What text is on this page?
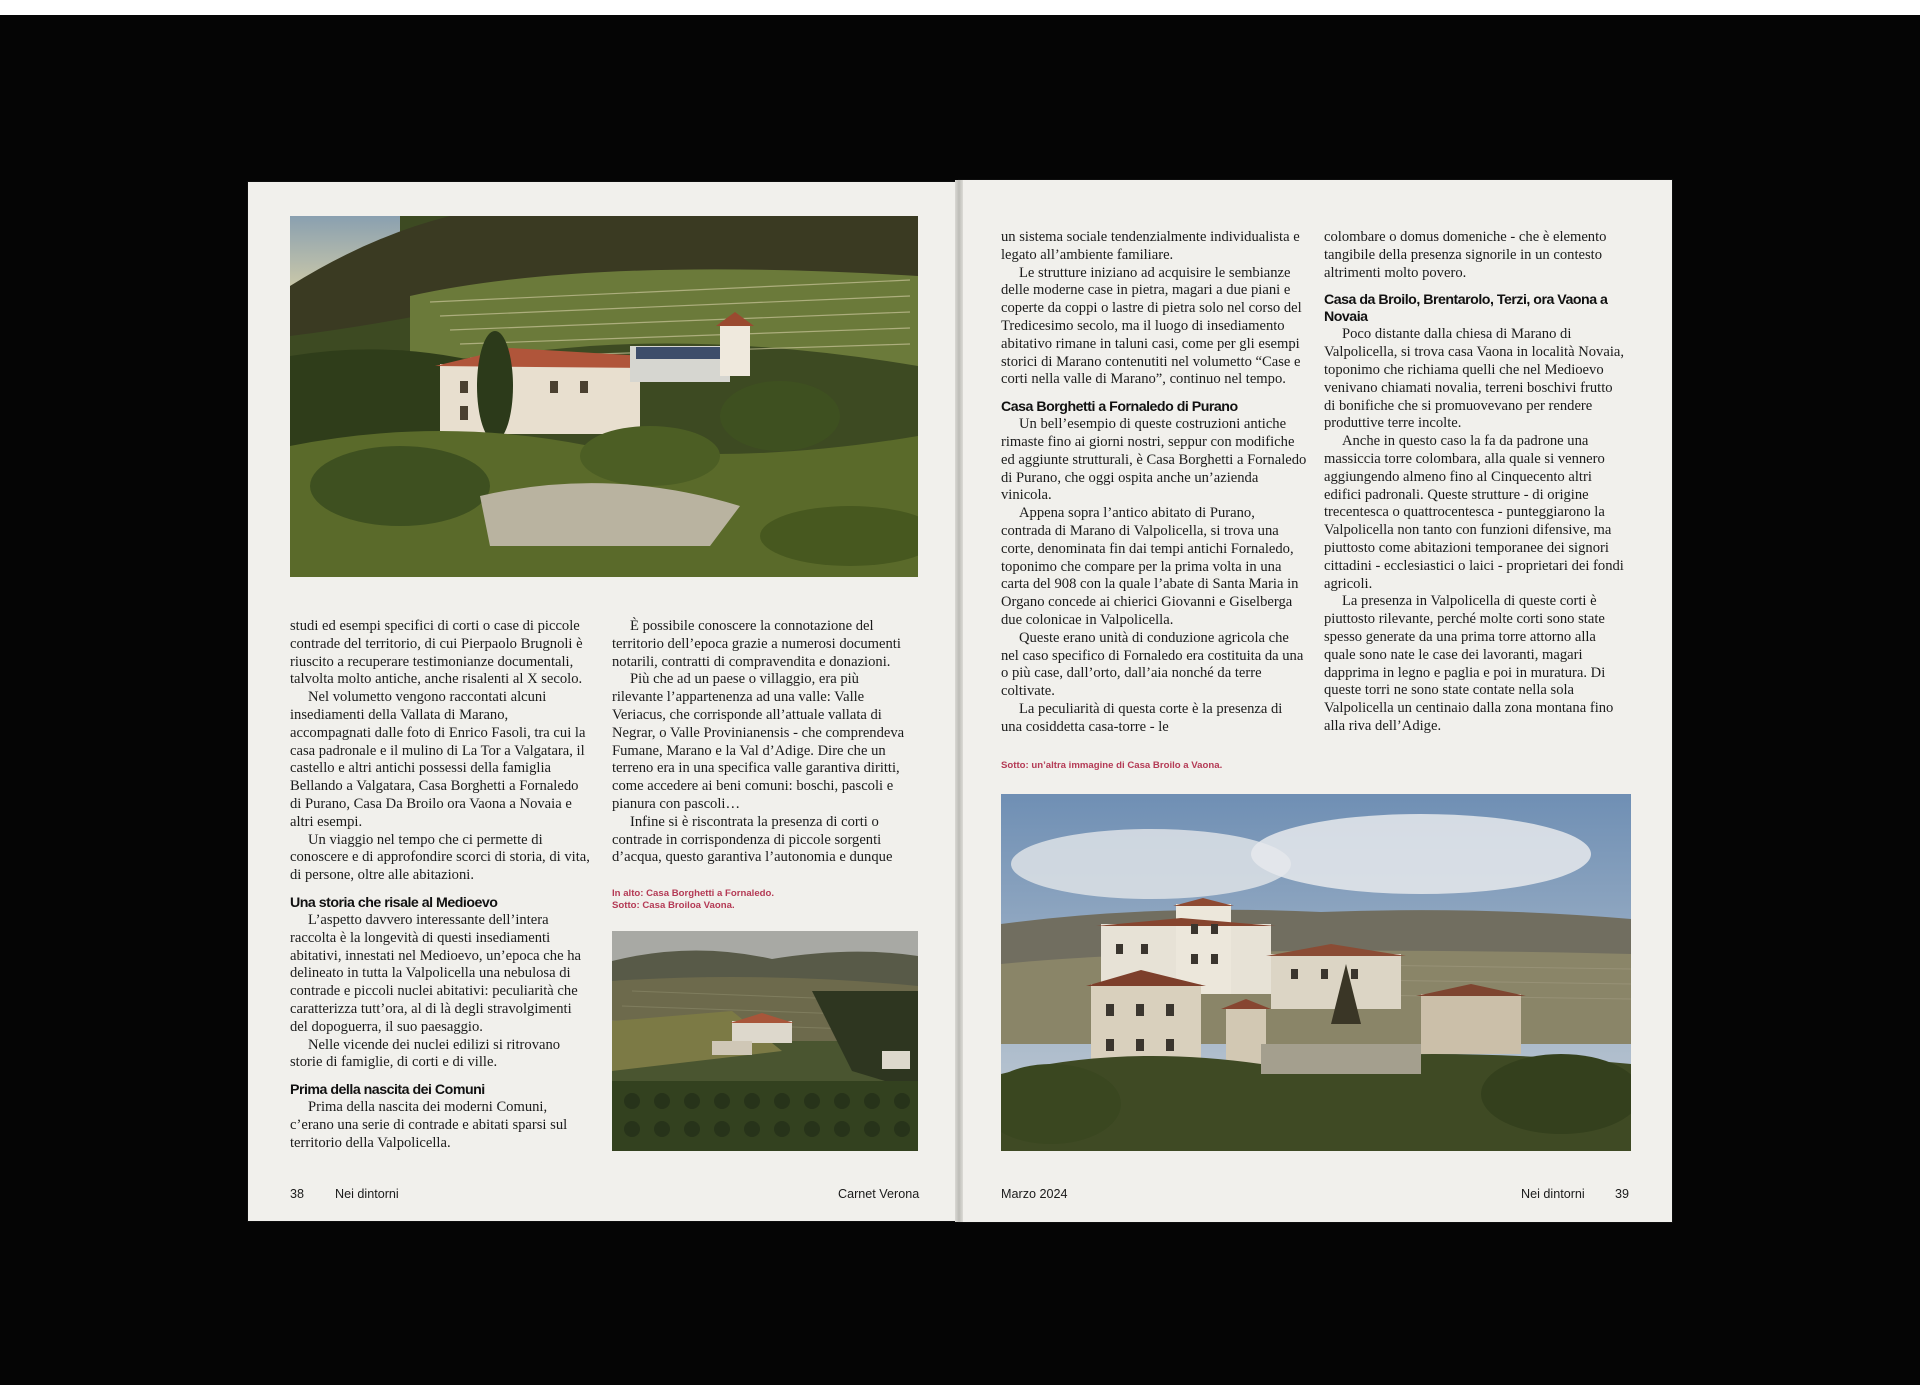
studi ed esempi specifici di corti o case di piccole contrade del territorio, di cui Pierpaolo Brugnoli è riuscito a recuperare testimonianze documentali, talvolta molto antiche, anche risalenti al X secolo.

Nel volumetto vengono raccontati alcuni insediamenti della Vallata di Marano, accompagnati dalle foto di Enrico Fasoli, tra cui la casa padronale e il mulino di La Tor a Valgatara, il castello e altri antichi possessi della famiglia Bellando a Valgatara, Casa Borghetti a Fornaledo di Purano, Casa Da Broilo ora Vaona a Novaia e altri esempi.

Un viaggio nel tempo che ci permette di conoscere e di approfondire scorci di storia, di vita, di persone, oltre alle abitazioni.

Una storia che risale al Medioevo

L’aspetto davvero interessante dell’intera raccolta è la longevità di questi insediamenti abitativi, innestati nel Medioevo, un’epoca che ha delineato in tutta la Valpolicella una nebulosa di contrade e piccoli nuclei abitativi: peculiarità che caratterizza tutt’ora, al di là degli stravolgimenti del dopoguerra, il suo paesaggio.

Nelle vicende dei nuclei edilizi si ritrovano storie di famiglie, di corti e di ville.

Prima della nascita dei Comuni

Prima della nascita dei moderni Comuni, c’erano una serie di contrade e abitati sparsi sul territorio della Valpolicella.

È possibile conoscere la connotazione del territorio dell’epoca grazie a numerosi documenti notarili, contratti di compravendita e donazioni.

Più che ad un paese o villaggio, era più rilevante l’appartenenza ad una valle: Valle Veriacus, che corrisponde all’attuale vallata di Negrar, o Valle Provinianensis - che comprendeva Fumane, Marano e la Val d’Adige. Dire che un terreno era in una specifica valle garantiva diritti, come accedere ai beni comuni: boschi, pascoli e pianura con pascoli…

Infine si è riscontrata la presenza di corti o contrade in corrispondenza di piccole sorgenti d’acqua, questo garantiva l’autonomia e dunque

In alto: Casa Borghetti a Fornaledo.
Sotto: Casa Broiloa Vaona.
38 Nei dintorni	Carnet Verona

un sistema sociale tendenzialmente individualista e legato all’ambiente familiare.

Le strutture iniziano ad acquisire le sembianze delle moderne case in pietra, magari a due piani e coperte da coppi o lastre di pietra solo nel corso del Tredicesimo secolo, ma il luogo di insediamento abitativo rimane in taluni casi, come per gli esempi storici di Marano contenutiti nel volumetto “Case e corti nella valle di Marano”, continuo nel tempo.

Casa Borghetti a Fornaledo di Purano

Un bell’esempio di queste costruzioni antiche rimaste fino ai giorni nostri, seppur con modifiche ed aggiunte strutturali, è Casa Borghetti a Fornaledo di Purano, che oggi ospita anche un’azienda vinicola.

Appena sopra l’antico abitato di Purano, contrada di Marano di Valpolicella, si trova una corte, denominata fin dai tempi antichi Fornaledo, toponimo che compare per la prima volta in una carta del 908 con la quale l’abate di Santa Maria in Organo concede ai chierici Giovanni e Giselberga due colonicae in Valpolicella.

Queste erano unità di conduzione agricola che nel caso specifico di Fornaledo era costituita da una o più case, dall’orto, dall’aia nonché da terre coltivate.

La peculiarità di questa corte è la presenza di una cosiddetta casa-torre - le

colombare o domus domeniche - che è elemento tangibile della presenza signorile in un contesto altrimenti molto povero.

Casa da Broilo, Brentarolo, Terzi, ora Vaona a Novaia

Poco distante dalla chiesa di Marano di Valpolicella, si trova casa Vaona in località Novaia, toponimo che richiama quelli che nel Medioevo venivano chiamati novalia, terreni boschivi frutto di bonifiche che si promuovevano per rendere produttive terre incolte.

Anche in questo caso la fa da padrone una massiccia torre colombara, alla quale si vennero aggiungendo almeno fino al Cinquecento altri edifici padronali. Queste strutture - di origine trecentesca o quattrocentesca - punteggiarono la Valpolicella non tanto con funzioni difensive, ma piuttosto come abitazioni temporanee dei signori cittadini - ecclesiastici o laici - proprietari dei fondi agricoli.

La presenza in Valpolicella di queste corti è piuttosto rilevante, perché molte corti sono state spesso generate da una prima torre attorno alla quale sono nate le case dei lavoranti, magari dapprima in legno e paglia e poi in muratura. Di queste torri ne sono state contate nella sola Valpolicella un centinaio dalla zona montana fino alla riva dell’Adige.

Sotto: un’altra immagine di Casa Broilo a Vaona.
Marzo 2024	Nei dintorni 39
